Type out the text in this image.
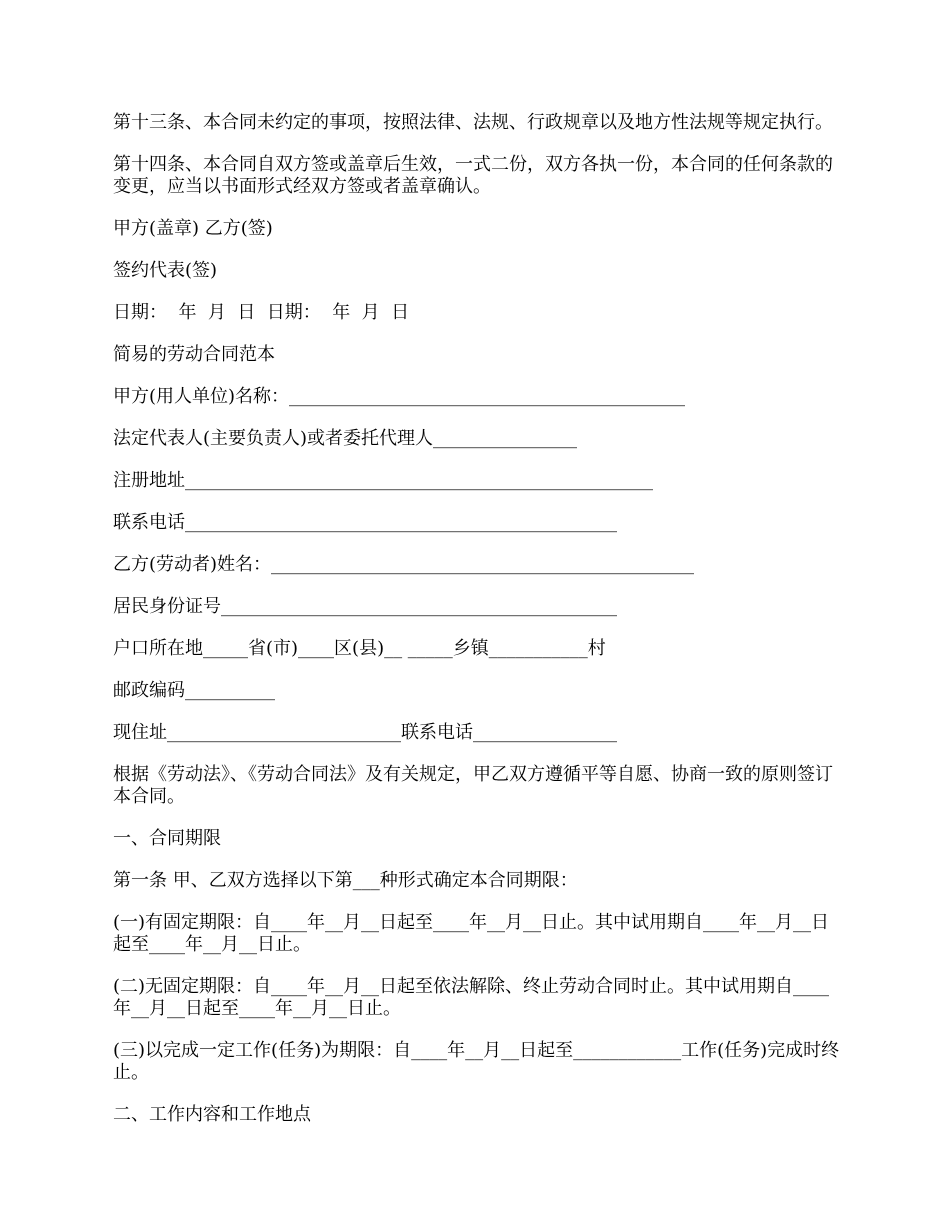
第十三条、本合同未约定的事项，按照法律、法规、行政规章以及地方性法规等规定执行。

第十四条、本合同自双方签或盖章后生效，一式二份，双方各执一份，本合同的任何条款的变更，应当以书面形式经双方签或者盖章确认。

甲方(盖章) 乙方(签)

签约代表(签)

日期：  年  月  日  日期：  年  月  日

简易的劳动合同范本

甲方(用人单位)名称：____________________________________________

法定代表人(主要负责人)或者委托代理人________________

注册地址____________________________________________________

联系电话________________________________________________

乙方(劳动者)姓名：_______________________________________________

居民身份证号____________________________________________

户口所在地_____省(市)____区(县)__ _____乡镇___________村

邮政编码__________

现住址__________________________联系电话________________

根据《劳动法》、《劳动合同法》及有关规定，甲乙双方遵循平等自愿、协商一致的原则签订本合同。

一、合同期限

第一条 甲、乙双方选择以下第___种形式确定本合同期限：

(一)有固定期限：自____年__月__日起至____年__月__日止。其中试用期自____年__月__日起至____年__月__日止。

(二)无固定期限：自____年__月__日起至依法解除、终止劳动合同时止。其中试用期自____年__月__日起至____年__月__日止。

(三)以完成一定工作(任务)为期限：自____年__月__日起至____________工作(任务)完成时终止。

二、工作内容和工作地点
